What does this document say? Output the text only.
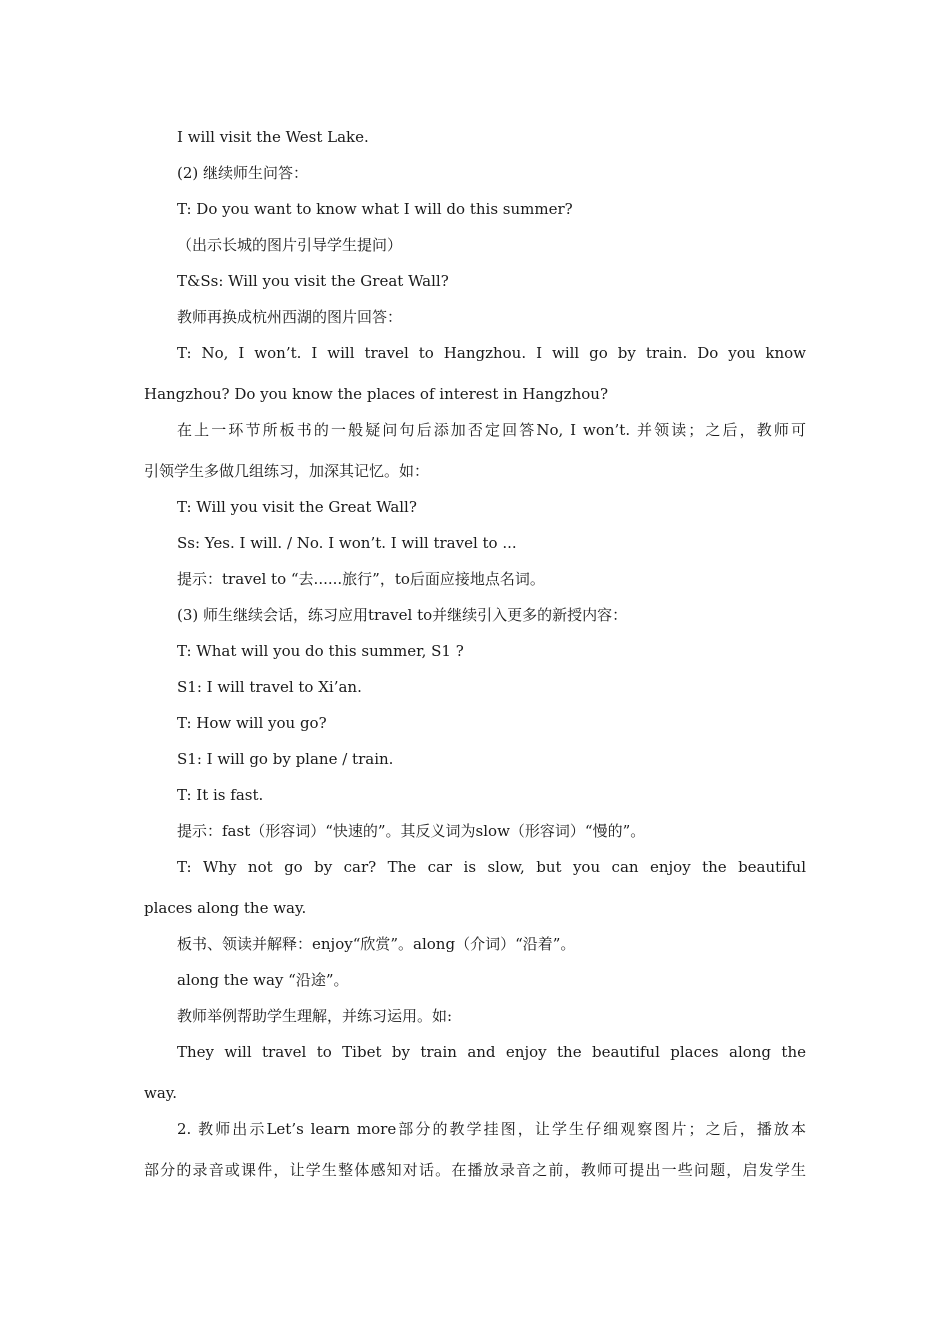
I will visit the West Lake.
(2) 继续师生问答：
T: Do you want to know what I will do this summer?
（出示长城的图片引导学生提问）
T&Ss: Will you visit the Great Wall?
教师再换成杭州西湖的图片回答：
T: No, I won’t. I will travel to Hangzhou. I will go by train. Do you know
Hangzhou? Do you know the places of interest in Hangzhou?
在上一环节所板书的一般疑问句后添加否定回答No, I won’t. 并领读；之后，教师可
引领学生多做几组练习，加深其记忆。如：
T: Will you visit the Great Wall?
Ss: Yes. I will. / No. I won’t. I will travel to ...
提示：travel to “去......旅行”，to后面应接地点名词。
(3) 师生继续会话，练习应用travel to并继续引入更多的新授内容：
T: What will you do this summer, S1 ?
S1: I will travel to Xi’an.
T: How will you go?
S1: I will go by plane / train.
T: It is fast.
提示：fast（形容词）“快速的”。其反义词为slow（形容词）“慢的”。
T: Why not go by car? The car is slow, but you can enjoy the beautiful
places along the way.
板书、领读并解释：enjoy“欣赏”。along（介词）“沿着”。
along the way “沿途”。
教师举例帮助学生理解，并练习运用。如:
They will travel to Tibet by train and enjoy the beautiful places along the
way.
2. 教师出示Let’s learn more部分的教学挂图，让学生仔细观察图片；之后，播放本
部分的录音或课件，让学生整体感知对话。在播放录音之前，教师可提出一些问题，启发学生
